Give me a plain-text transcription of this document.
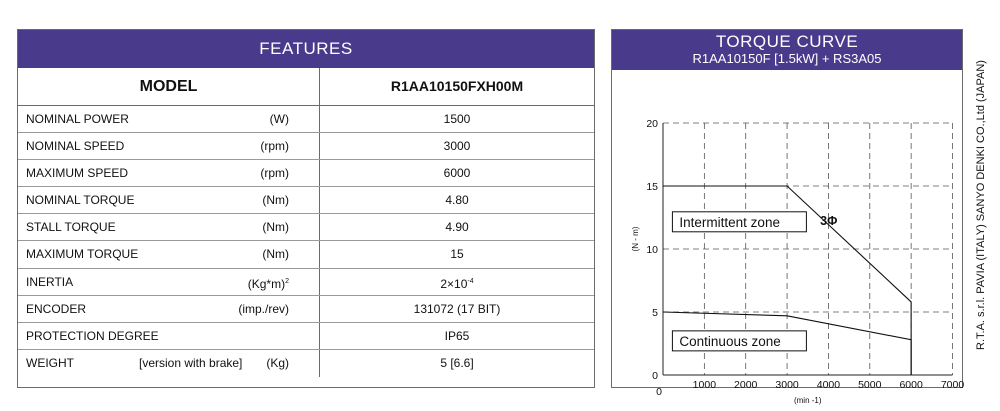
FEATURES
MODEL	R1AA10150FXH00M
NOMINAL POWER	(W)	1500
NOMINAL SPEED	(rpm)	3000
MAXIMUM SPEED	(rpm)	6000
NOMINAL TORQUE	(Nm)	4.80
STALL TORQUE	(Nm)	4.90
MAXIMUM TORQUE	(Nm)	15
INERTIA	$(Kg*m)^2$	$2\times 10^{-4}$
ENCODER	(imp./rev)	131072 (17 BIT)
PROTECTION DEGREE	IP65
WEIGHT	[version with brake] (Kg)	5 [6.6]
TORQUE CURVE
R1AA10150F [1.5kW] + RS3A05
1000 2000 3000 4000 5000 6000 7000
0
0
5
10
15
20
(min -1)
(N - m)
Intermittent zone
Continuous zone
3Φ	R.T.A. s.r.l. PAVIA (ITALY) SANYO DENKI CO.,Ltd (JAPAN)
